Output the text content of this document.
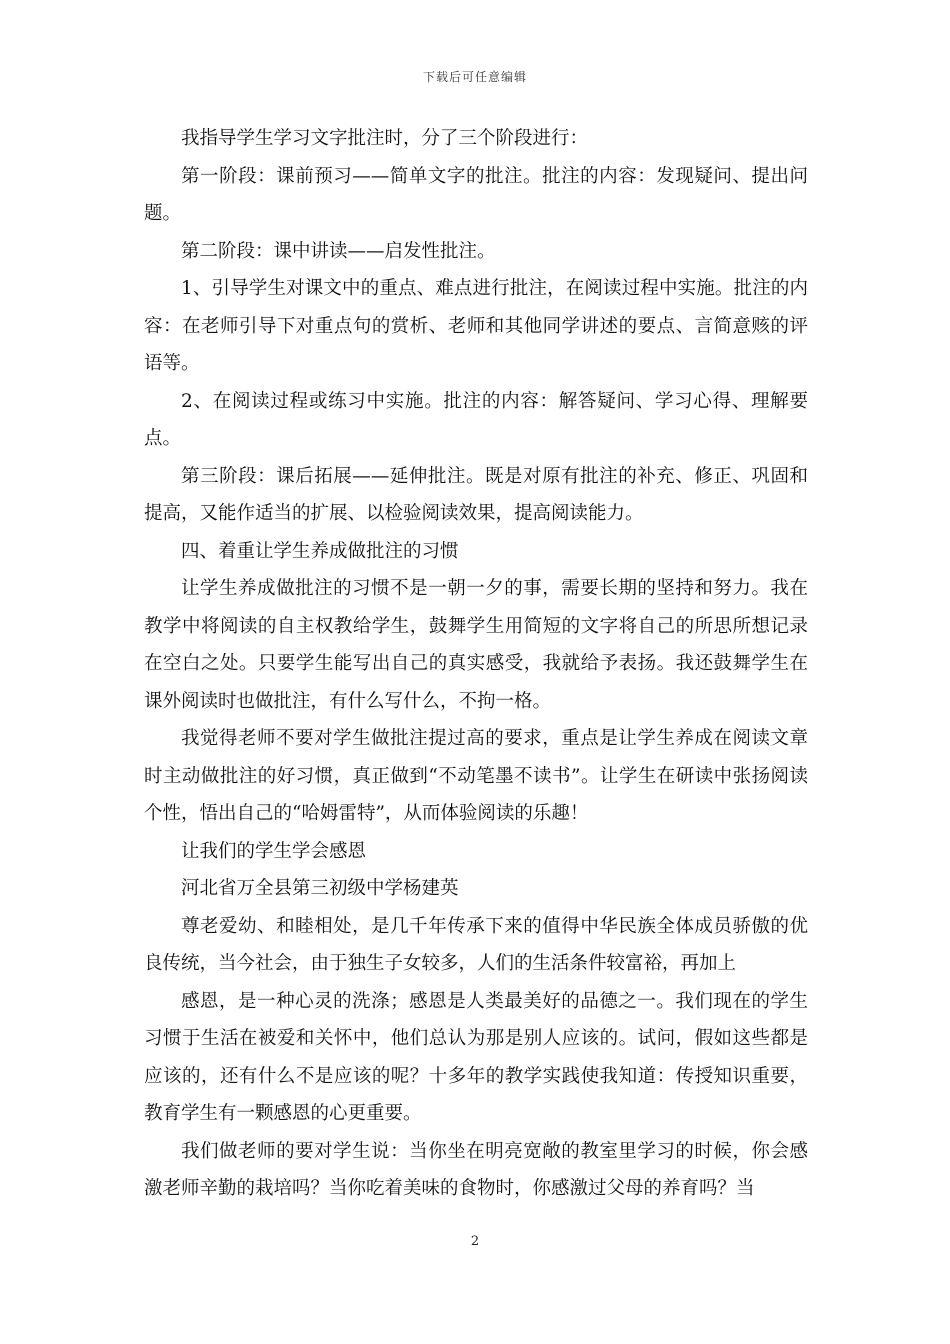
下载后可任意编辑

我指导学生学习文字批注时，分了三个阶段进行：

第一阶段：课前预习——简单文字的批注。批注的内容：发现疑问、提出问题。

第二阶段：课中讲读——启发性批注。

1、引导学生对课文中的重点、难点进行批注，在阅读过程中实施。批注的内容：在老师引导下对重点句的赏析、老师和其他同学讲述的要点、言简意赅的评语等。

2、在阅读过程或练习中实施。批注的内容：解答疑问、学习心得、理解要点。

第三阶段：课后拓展——延伸批注。既是对原有批注的补充、修正、巩固和提高，又能作适当的扩展、以检验阅读效果，提高阅读能力。

四、着重让学生养成做批注的习惯

让学生养成做批注的习惯不是一朝一夕的事，需要长期的坚持和努力。我在教学中将阅读的自主权教给学生，鼓舞学生用简短的文字将自己的所思所想记录在空白之处。只要学生能写出自己的真实感受，我就给予表扬。我还鼓舞学生在课外阅读时也做批注，有什么写什么，不拘一格。

我觉得老师不要对学生做批注提过高的要求，重点是让学生养成在阅读文章时主动做批注的好习惯，真正做到“不动笔墨不读书”。让学生在研读中张扬阅读个性，悟出自己的“哈姆雷特”，从而体验阅读的乐趣！

让我们的学生学会感恩

河北省万全县第三初级中学杨建英

尊老爱幼、和睦相处，是几千年传承下来的值得中华民族全体成员骄傲的优良传统，当今社会，由于独生子女较多，人们的生活条件较富裕，再加上

感恩，是一种心灵的洗涤；感恩是人类最美好的品德之一。我们现在的学生习惯于生活在被爱和关怀中，他们总认为那是别人应该的。试问，假如这些都是应该的，还有什么不是应该的呢？十多年的教学实践使我知道：传授知识重要，教育学生有一颗感恩的心更重要。

我们做老师的要对学生说：当你坐在明亮宽敞的教室里学习的时候，你会感激老师辛勤的栽培吗？当你吃着美味的食物时，你感激过父母的养育吗？当

2
